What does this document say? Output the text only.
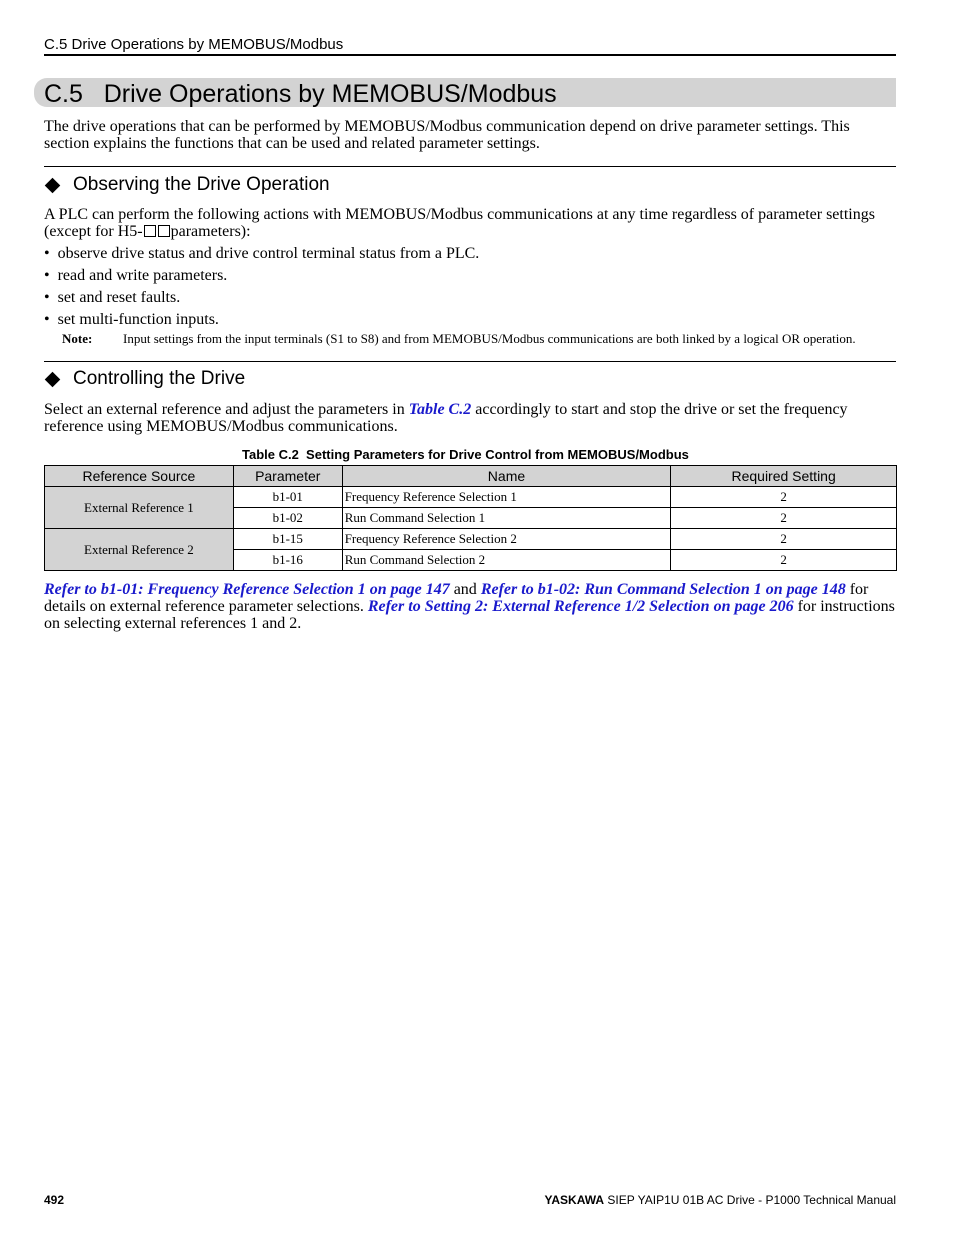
C.5 Drive Operations by MEMOBUS/Modbus
C.5 Drive Operations by MEMOBUS/Modbus
The drive operations that can be performed by MEMOBUS/Modbus communication depend on drive parameter settings. This section explains the functions that can be used and related parameter settings.
Observing the Drive Operation
A PLC can perform the following actions with MEMOBUS/Modbus communications at any time regardless of parameter settings (except for H5- parameters):
•  observe drive status and drive control terminal status from a PLC.
•  read and write parameters.
•  set and reset faults.
•  set multi-function inputs.
Note:	Input settings from the input terminals (S1 to S8) and from MEMOBUS/Modbus communications are both linked by a logical OR operation.
Controlling the Drive
Select an external reference and adjust the parameters in Table C.2 accordingly to start and stop the drive or set the frequency reference using MEMOBUS/Modbus communications.
Table C.2  Setting Parameters for Drive Control from MEMOBUS/Modbus
Reference Source	Parameter	Name	Required Setting
External Reference 1	b1-01	Frequency Reference Selection 1	2
	b1-02	Run Command Selection 1	2
External Reference 2	b1-15	Frequency Reference Selection 2	2
	b1-16	Run Command Selection 2	2
Refer to b1-01: Frequency Reference Selection 1 on page 147 and Refer to b1-02: Run Command Selection 1 on page 148 for details on external reference parameter selections. Refer to Setting 2: External Reference 1/2 Selection on page 206 for instructions on selecting external references 1 and 2.
492	YASKAWA SIEP YAIP1U 01B AC Drive - P1000 Technical Manual
